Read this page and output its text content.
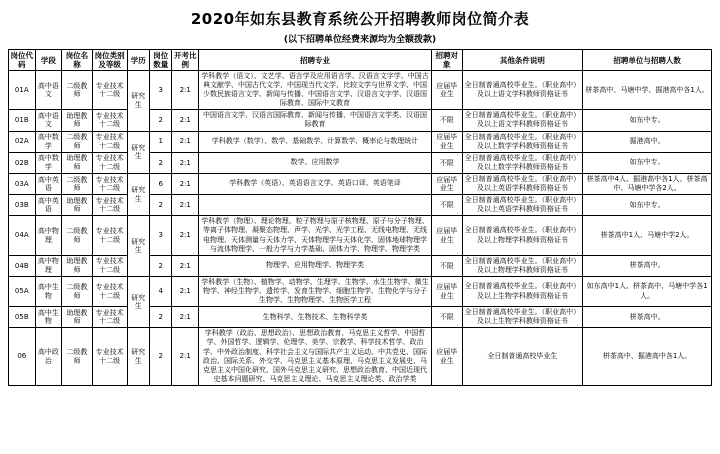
2020年如东县教育系统公开招聘教师岗位简介表
(以下招聘单位经费来源均为全额拨款)
岗位代码	学段	岗位名称	岗位类别及等级	学历	岗位数量	开考比例	招聘专业	招聘对象	其他条件说明	招聘单位与招聘人数
01A	高中语文	二级教师	专业技术十二级	研究生	3	2:1	学科教学（语文）、文艺学、语言学及应用语言学、汉语言文字学、中国古典文献学、中国古代文学、中国现当代文学、比较文学与世界文学、中国少数民族语言文学、新闻与传播、中国语言文学、汉语言文字学、汉语国际教育、国际中文教育	应届毕业生	全日制普通高校毕业生。（职业高中）及以上语文学科教师资格证书	栟茶高中、马塘中学、掘港高中各1人。
01B	高中语文	助理教师	专业技术十二级		2	2:1	中国语言文学、汉语言国际教育、新闻与传播、中国语言文学类、汉语国际教育	不限	全日制普通高校毕业生。（职业高中）及以上语文学科教师资格证书	如东中专。
02A	高中数学	二级教师	专业技术十二级	研究生	1	2:1	学科教学（数学）、数学、基础数学、计算数学、概率论与数理统计	应届毕业生	全日制普通高校毕业生。（职业高中）及以上数学学科教师资格证书	掘港高中。
02B	高中数学	助理教师	专业技术十二级		2	2:1	数学、应用数学	不限	全日制普通高校毕业生。（职业高中）及以上数学学科教师资格证书	如东中专。
03A	高中英语	二级教师	专业技术十二级	研究生	6	2:1	学科教学（英语）、英语语言文学、英语口译、英语笔译	应届毕业生	全日制普通高校毕业生。（职业高中）及以上英语学科教师资格证书	栟茶高中4人、掘港高中各1人、栟茶高中、马塘中学各2人。
03B	高中英语	助理教师	专业技术十二级		2	2:1		不限	全日制普通高校毕业生。（职业高中）及以上英语学科教师资格证书	如东中专。
04A	高中物理	二级教师	专业技术十二级	研究生	3	2:1	学科教学（物理）、理论物理、粒子物理与原子核物理、原子与分子物理、等离子体物理、凝聚态物理、声学、光学、光学工程、无线电物理、无线电物理、天体测量与天体力学、天体物理学与天体化学、固体地球物理学与流体物理学、一般力学与力学基础、固体力学、物理学、物理学类	应届毕业生	全日制普通高校毕业生。（职业高中）及以上物理学科教师资格证书	栟茶高中1人、马塘中学2人。
04B	高中物理	助理教师	专业技术十二级		2	2:1	物理学、应用物理学、物理学类	不限	全日制普通高校毕业生。（职业高中）及以上物理学科教师资格证书	栟茶高中。
05A	高中生物	二级教师	专业技术十二级	研究生	4	2:1	学科教学（生物）、植物学、动物学、生理学、生物学、水生生物学、微生物学、神经生物学、遗传学、发育生物学、细胞生物学、生物化学与分子生物学、生物物理学、生物医学工程	应届毕业生	全日制普通高校毕业生。（职业高中）及以上生物学科教师资格证书	如东高中1人、栟茶高中、马塘中学各1人。
05B	高中生物	助理教师	专业技术十二级		2	2:1	生物科学、生物技术、生物科学类	不限	全日制普通高校毕业生。（职业高中）及以上生物学科教师资格证书	栟茶高中。
06	高中政治	二级教师	专业技术十二级	研究生	2	2:1	学科教学（政治、思想政治）、思想政治教育、马克思主义哲学、中国哲学、外国哲学、逻辑学、伦理学、美学、宗教学、科学技术哲学、政治学、中外政治制度、科学社会主义与国际共产主义运动、中共党史、国际政治、国际关系、外交学、马克思主义基本原理、马克思主义发展史、马克思主义中国化研究、国外马克思主义研究、思想政治教育、中国近现代史基本问题研究、马克思主义理论、马克思主义理论类、政治学类	应届毕业生	全日制普通高校毕业生	栟茶高中、掘港高中各1人。
